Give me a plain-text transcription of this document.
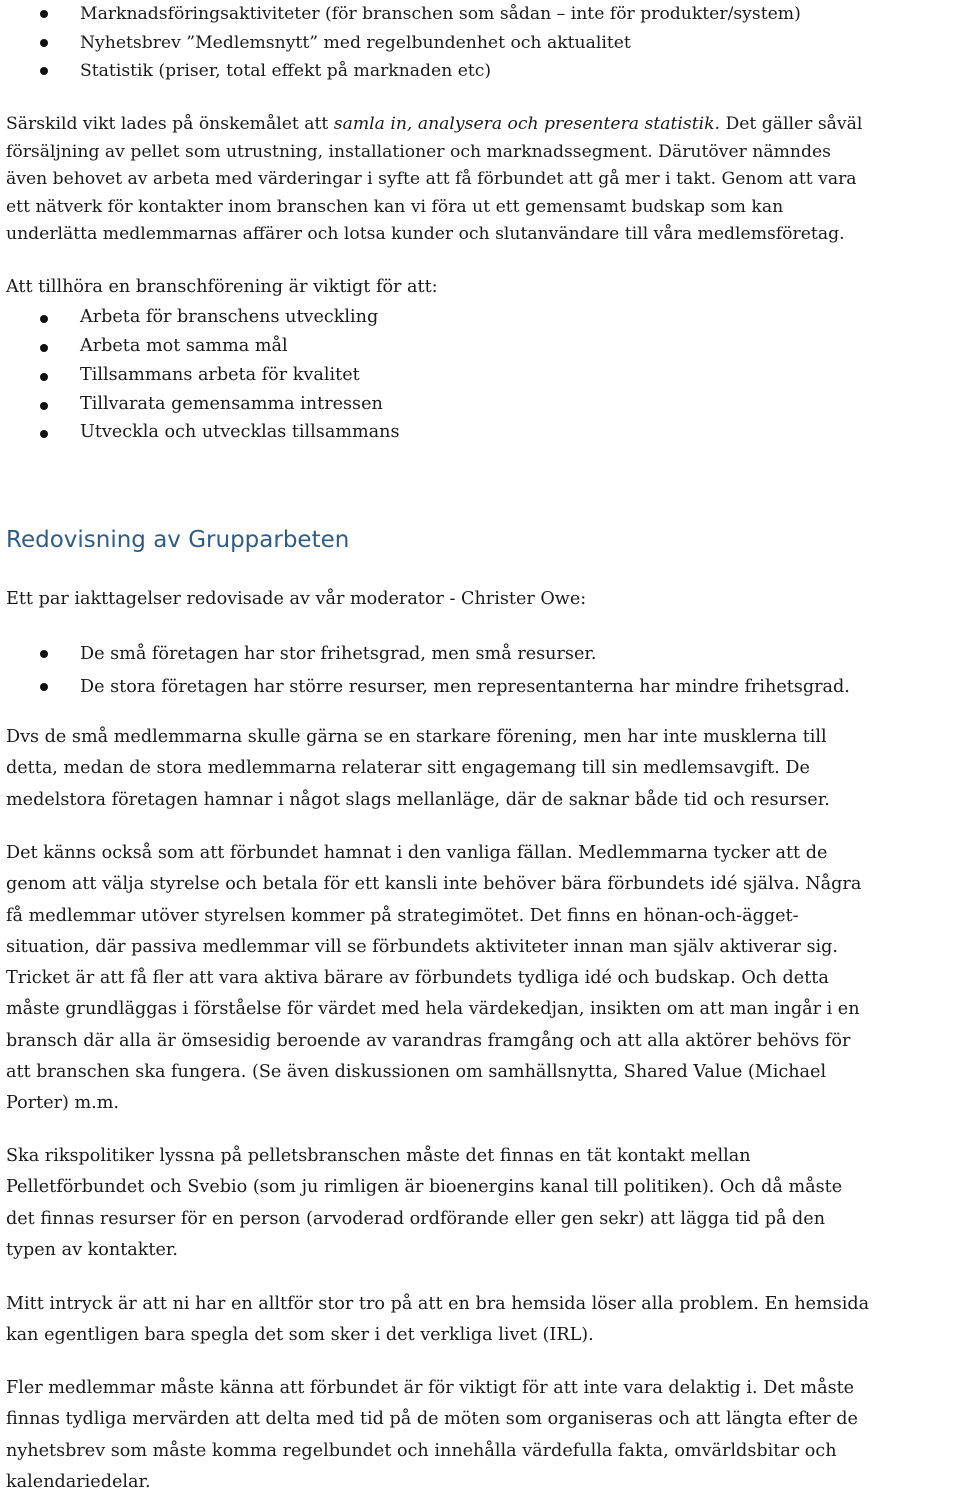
Marknadsföringsaktiviteter (för branschen som sådan – inte för produkter/system)
Nyhetsbrev ”Medlemsnytt” med regelbundenhet och aktualitet
Statistik (priser, total effekt på marknaden etc)
Särskild vikt lades på önskemålet att samla in, analysera och presentera statistik. Det gäller såväl
försäljning av pellet som utrustning, installationer och marknadssegment. Därutöver nämndes
även behovet av arbeta med värderingar i syfte att få förbundet att gå mer i takt. Genom att vara
ett nätverk för kontakter inom branschen kan vi föra ut ett gemensamt budskap som kan
underlätta medlemmarnas affärer och lotsa kunder och slutanvändare till våra medlemsföretag.

Att tillhöra en branschförening är viktigt för att:

Arbeta för branschens utveckling
Arbeta mot samma mål
Tillsammans arbeta för kvalitet
Tillvarata gemensamma intressen
Utveckla och utvecklas tillsammans
Redovisning av Grupparbeten

Ett par iakttagelser redovisade av vår moderator - Christer Owe:

De små företagen har stor frihetsgrad, men små resurser.
De stora företagen har större resurser, men representanterna har mindre frihetsgrad.
Dvs de små medlemmarna skulle gärna se en starkare förening, men har inte musklerna till
detta, medan de stora medlemmarna relaterar sitt engagemang till sin medlemsavgift. De
medelstora företagen hamnar i något slags mellanläge, där de saknar både tid och resurser.
Det känns också som att förbundet hamnat i den vanliga fällan. Medlemmarna tycker att de
genom att välja styrelse och betala för ett kansli inte behöver bära förbundets idé själva. Några
få medlemmar utöver styrelsen kommer på strategimötet. Det finns en hönan-och-ägget-
situation, där passiva medlemmar vill se förbundets aktiviteter innan man själv aktiverar sig.
Tricket är att få fler att vara aktiva bärare av förbundets tydliga idé och budskap. Och detta
måste grundläggas i förståelse för värdet med hela värdekedjan, insikten om att man ingår i en
bransch där alla är ömsesidig beroende av varandras framgång och att alla aktörer behövs för
att branschen ska fungera. (Se även diskussionen om samhällsnytta, Shared Value (Michael
Porter) m.m.
Ska rikspolitiker lyssna på pelletsbranschen måste det finnas en tät kontakt mellan
Pelletförbundet och Svebio (som ju rimligen är bioenergins kanal till politiken). Och då måste
det finnas resurser för en person (arvoderad ordförande eller gen sekr) att lägga tid på den
typen av kontakter.
Mitt intryck är att ni har en alltför stor tro på att en bra hemsida löser alla problem. En hemsida
kan egentligen bara spegla det som sker i det verkliga livet (IRL).
Fler medlemmar måste känna att förbundet är för viktigt för att inte vara delaktig i. Det måste
finnas tydliga mervärden att delta med tid på de möten som organiseras och att längta efter de
nyhetsbrev som måste komma regelbundet och innehålla värdefulla fakta, omvärldsbitar och
kalendariedelar.
